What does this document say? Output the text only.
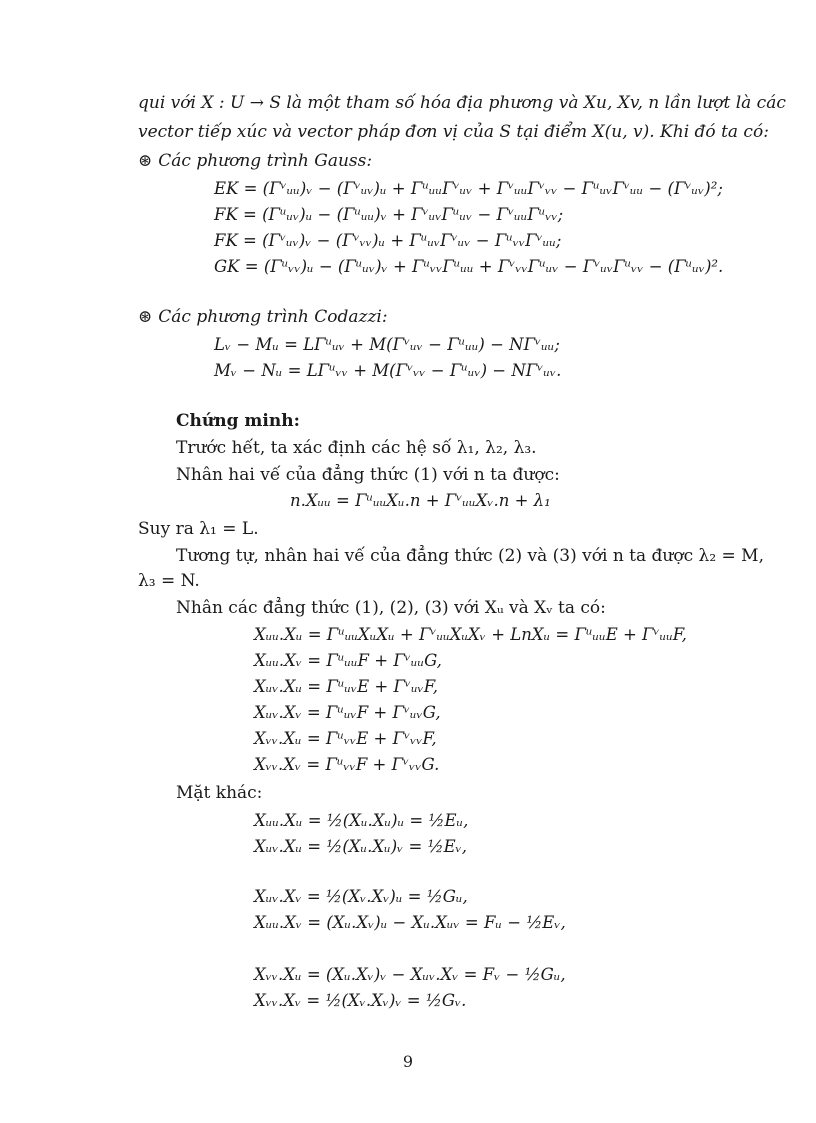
qui với X : U → S là một tham số hóa địa phương và Xu, Xv, n lần lượt là các
vector tiếp xúc và vector pháp đơn vị của S tại điểm X(u, v). Khi đó ta có:
⊛ Các phương trình Gauss:
EK = (Γᵛᵤᵤ)ᵥ − (Γᵛᵤᵥ)ᵤ + ΓᵘᵤᵤΓᵛᵤᵥ + ΓᵛᵤᵤΓᵛᵥᵥ − ΓᵘᵤᵥΓᵛᵤᵤ − (Γᵛᵤᵥ)²;
FK = (Γᵘᵤᵥ)ᵤ − (Γᵘᵤᵤ)ᵥ + ΓᵛᵤᵥΓᵘᵤᵥ − ΓᵛᵤᵤΓᵘᵥᵥ;
FK = (Γᵛᵤᵥ)ᵥ − (Γᵛᵥᵥ)ᵤ + ΓᵘᵤᵥΓᵛᵤᵥ − ΓᵘᵥᵥΓᵛᵤᵤ;
GK = (Γᵘᵥᵥ)ᵤ − (Γᵘᵤᵥ)ᵥ + ΓᵘᵥᵥΓᵘᵤᵤ + ΓᵛᵥᵥΓᵘᵤᵥ − ΓᵛᵤᵥΓᵘᵥᵥ − (Γᵘᵤᵥ)².
⊛ Các phương trình Codazzi:
Lᵥ − Mᵤ = LΓᵘᵤᵥ + M(Γᵛᵤᵥ − Γᵘᵤᵤ) − NΓᵛᵤᵤ;
Mᵥ − Nᵤ = LΓᵘᵥᵥ + M(Γᵛᵥᵥ − Γᵘᵤᵥ) − NΓᵛᵤᵥ.
Chứng minh:
Trước hết, ta xác định các hệ số λ₁, λ₂, λ₃.
Nhân hai vế của đẳng thức (1) với n ta được:
n.Xᵤᵤ = ΓᵘᵤᵤXᵤ.n + ΓᵛᵤᵤXᵥ.n + λ₁
Suy ra λ₁ = L.
Tương tự, nhân hai vế của đẳng thức (2) và (3) với n ta được λ₂ = M,
λ₃ = N.
Nhân các đẳng thức (1), (2), (3) với Xᵤ và Xᵥ ta có:
Xᵤᵤ.Xᵤ = ΓᵘᵤᵤXᵤXᵤ + ΓᵛᵤᵤXᵤXᵥ + LnXᵤ = ΓᵘᵤᵤE + ΓᵛᵤᵤF,
Xᵤᵤ.Xᵥ = ΓᵘᵤᵤF + ΓᵛᵤᵤG,
Xᵤᵥ.Xᵤ = ΓᵘᵤᵥE + ΓᵛᵤᵥF,
Xᵤᵥ.Xᵥ = ΓᵘᵤᵥF + ΓᵛᵤᵥG,
Xᵥᵥ.Xᵤ = ΓᵘᵥᵥE + ΓᵛᵥᵥF,
Xᵥᵥ.Xᵥ = ΓᵘᵥᵥF + ΓᵛᵥᵥG.
Mặt khác:
Xᵤᵤ.Xᵤ = ½(Xᵤ.Xᵤ)ᵤ = ½Eᵤ,
Xᵤᵥ.Xᵤ = ½(Xᵤ.Xᵤ)ᵥ = ½Eᵥ,
Xᵤᵥ.Xᵥ = ½(Xᵥ.Xᵥ)ᵤ = ½Gᵤ,
Xᵤᵤ.Xᵥ = (Xᵤ.Xᵥ)ᵤ − Xᵤ.Xᵤᵥ = Fᵤ − ½Eᵥ,
Xᵥᵥ.Xᵤ = (Xᵤ.Xᵥ)ᵥ − Xᵤᵥ.Xᵥ = Fᵥ − ½Gᵤ,
Xᵥᵥ.Xᵥ = ½(Xᵥ.Xᵥ)ᵥ = ½Gᵥ.
9
